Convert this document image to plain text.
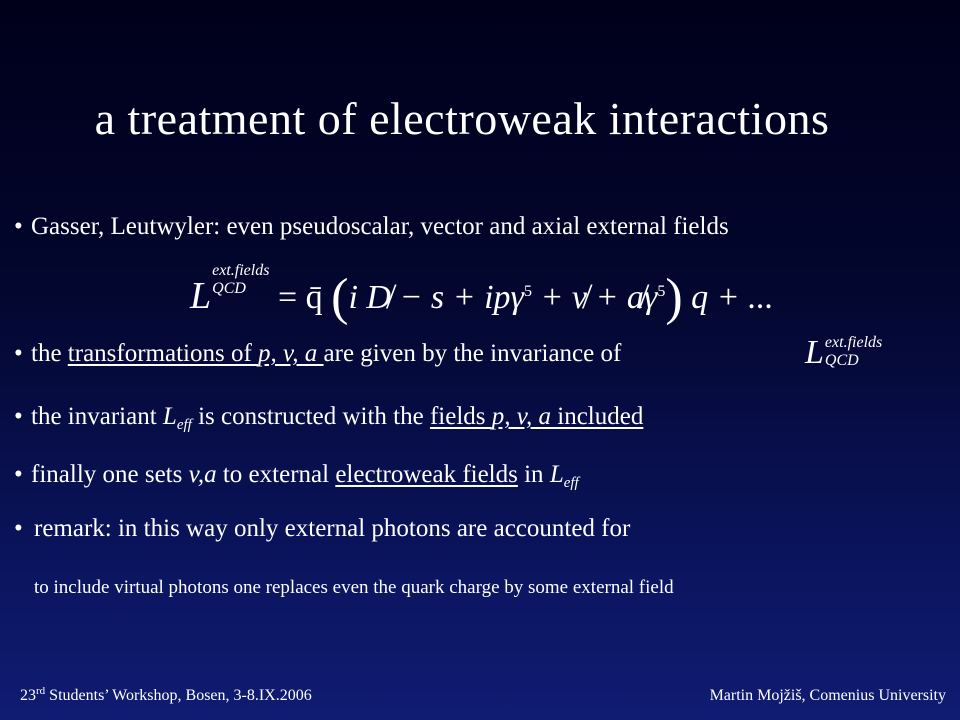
a treatment of electroweak interactions
• Gasser, Leutwyler: even pseudoscalar, vector and axial external fields
L
ext.fields
QCD = q̄ (i D̸ − s + ipγ$^5$ + v̸ + $a̸\gamma^5$) q + ...
• the transformations of p, v, a are given by the invariance of	L ext.fields
QCD
• the invariant $L_{eff}$ is constructed with the fields p, v, a included
• finally one sets v,a to external electroweak fields in $L_{eff}$
• remark: in this way only external photons are accounted for
to include virtual photons one replaces even the quark charge by some external field
23rd Students’ Workshop, Bosen, 3-8.IX.2006	Martin Mojžiš, Comenius University
